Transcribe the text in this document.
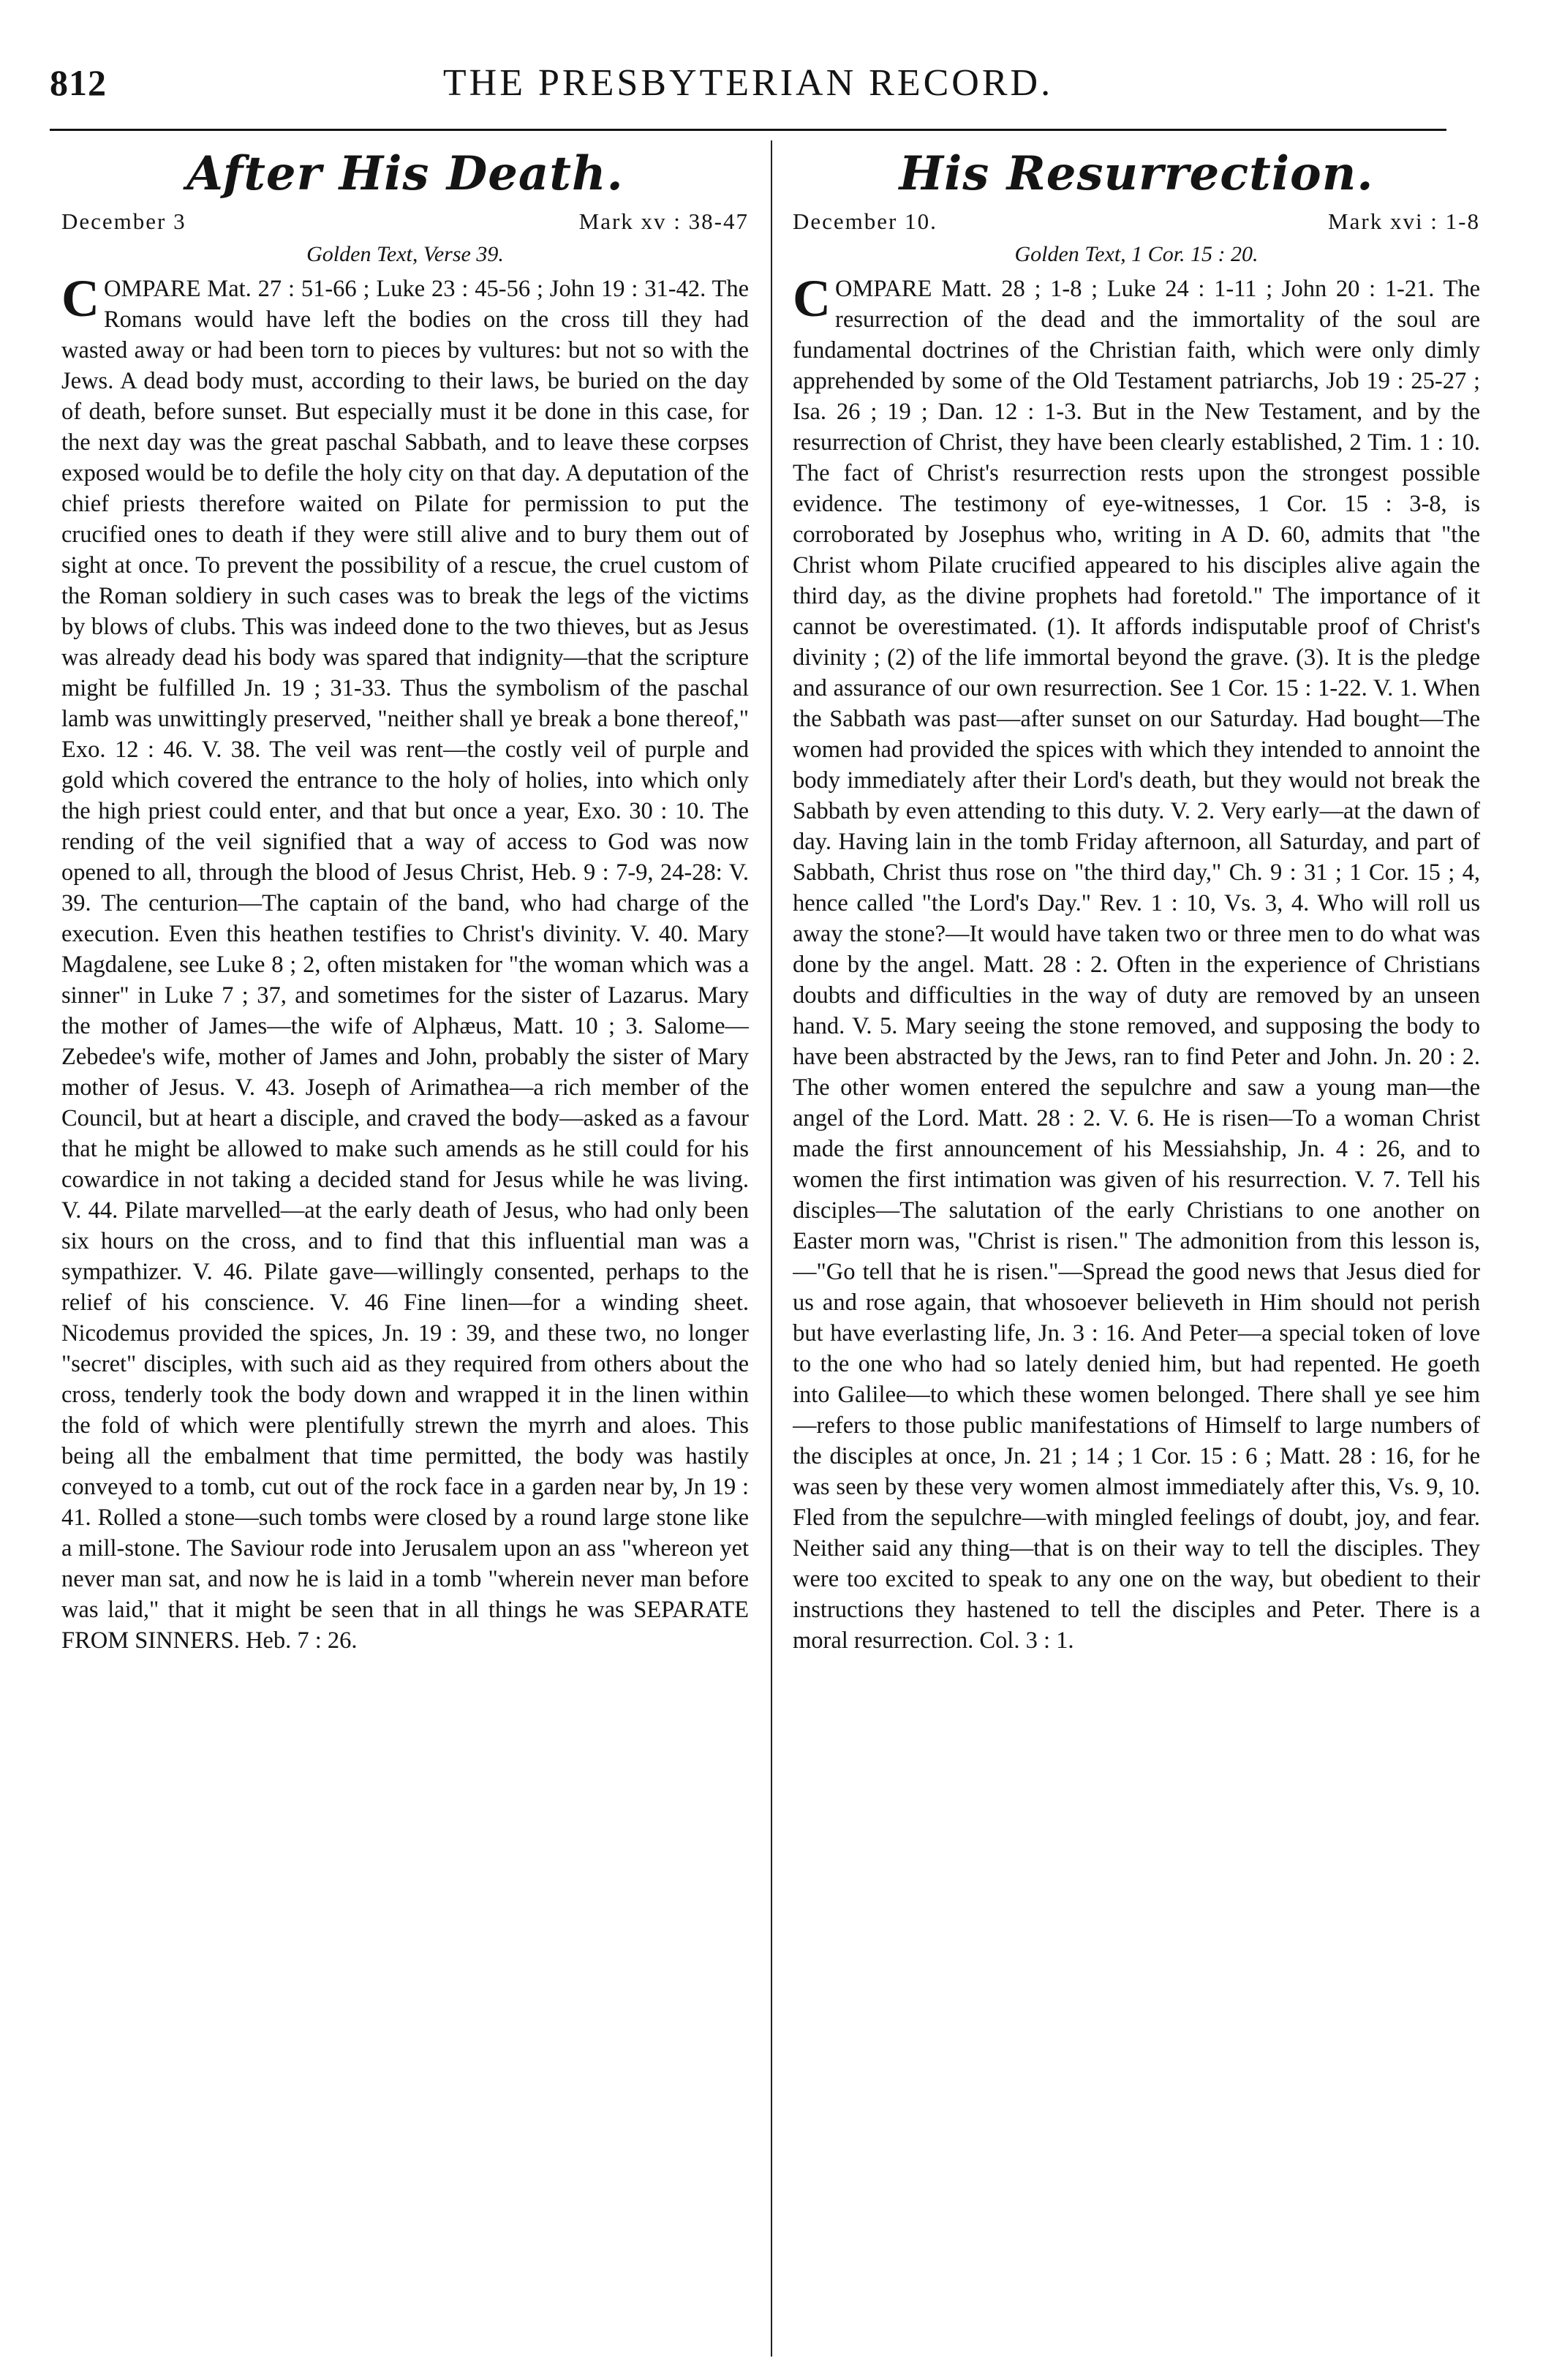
812	THE PRESBYTERIAN RECORD.
After His Death.
December 3	Mark xv : 38-47
Golden Text, Verse 39.

COMPARE Mat. 27 : 51-66 ; Luke 23 : 45-56 ; John 19 : 31-42. The Romans would have left the bodies on the cross till they had wasted away or had been torn to pieces by vultures: but not so with the Jews. A dead body must, according to their laws, be buried on the day of death, before sunset. But especially must it be done in this case, for the next day was the great paschal Sabbath, and to leave these corpses exposed would be to defile the holy city on that day. A deputation of the chief priests therefore waited on Pilate for permission to put the crucified ones to death if they were still alive and to bury them out of sight at once. To prevent the possibility of a rescue, the cruel custom of the Roman soldiery in such cases was to break the legs of the victims by blows of clubs. This was indeed done to the two thieves, but as Jesus was already dead his body was spared that indignity—that the scripture might be fulfilled Jn. 19 ; 31-33. Thus the symbolism of the paschal lamb was unwittingly preserved, "neither shall ye break a bone thereof," Exo. 12 : 46. V. 38. The veil was rent—the costly veil of purple and gold which covered the entrance to the holy of holies, into which only the high priest could enter, and that but once a year, Exo. 30 : 10. The rending of the veil signified that a way of access to God was now opened to all, through the blood of Jesus Christ, Heb. 9 : 7-9, 24-28: V. 39. The centurion—The captain of the band, who had charge of the execution. Even this heathen testifies to Christ's divinity. V. 40. Mary Magdalene, see Luke 8 ; 2, often mistaken for "the woman which was a sinner" in Luke 7 ; 37, and sometimes for the sister of Lazarus. Mary the mother of James—the wife of Alphæus, Matt. 10 ; 3. Salome—Zebedee's wife, mother of James and John, probably the sister of Mary mother of Jesus. V. 43. Joseph of Arimathea—a rich member of the Council, but at heart a disciple, and craved the body—asked as a favour that he might be allowed to make such amends as he still could for his cowardice in not taking a decided stand for Jesus while he was living. V. 44. Pilate marvelled—at the early death of Jesus, who had only been six hours on the cross, and to find that this influential man was a sympathizer. V. 46. Pilate gave—willingly consented, perhaps to the relief of his conscience. V. 46 Fine linen—for a winding sheet. Nicodemus provided the spices, Jn. 19 : 39, and these two, no longer "secret" disciples, with such aid as they required from others about the cross, tenderly took the body down and wrapped it in the linen within the fold of which were plentifully strewn the myrrh and aloes. This being all the embalment that time permitted, the body was hastily conveyed to a tomb, cut out of the rock face in a garden near by, Jn 19 : 41. Rolled a stone—such tombs were closed by a round large stone like a mill-stone. The Saviour rode into Jerusalem upon an ass "whereon yet never man sat, and now he is laid in a tomb "wherein never man before was laid," that it might be seen that in all things he was SEPARATE FROM SINNERS. Heb. 7 : 26.

His Resurrection.
December 10.	Mark xvi : 1-8
Golden Text, 1 Cor. 15 : 20.

COMPARE Matt. 28 ; 1-8 ; Luke 24 : 1-11 ; John 20 : 1-21. The resurrection of the dead and the immortality of the soul are fundamental doctrines of the Christian faith, which were only dimly apprehended by some of the Old Testament patriarchs, Job 19 : 25-27 ; Isa. 26 ; 19 ; Dan. 12 : 1-3. But in the New Testament, and by the resurrection of Christ, they have been clearly established, 2 Tim. 1 : 10. The fact of Christ's resurrection rests upon the strongest possible evidence. The testimony of eye-witnesses, 1 Cor. 15 : 3-8, is corroborated by Josephus who, writing in A D. 60, admits that "the Christ whom Pilate crucified appeared to his disciples alive again the third day, as the divine prophets had foretold." The importance of it cannot be overestimated. (1). It affords indisputable proof of Christ's divinity ; (2) of the life immortal beyond the grave. (3). It is the pledge and assurance of our own resurrection. See 1 Cor. 15 : 1-22. V. 1. When the Sabbath was past—after sunset on our Saturday. Had bought—The women had provided the spices with which they intended to annoint the body immediately after their Lord's death, but they would not break the Sabbath by even attending to this duty. V. 2. Very early—at the dawn of day. Having lain in the tomb Friday afternoon, all Saturday, and part of Sabbath, Christ thus rose on "the third day," Ch. 9 : 31 ; 1 Cor. 15 ; 4, hence called "the Lord's Day." Rev. 1 : 10, Vs. 3, 4. Who will roll us away the stone?—It would have taken two or three men to do what was done by the angel. Matt. 28 : 2. Often in the experience of Christians doubts and difficulties in the way of duty are removed by an unseen hand. V. 5. Mary seeing the stone removed, and supposing the body to have been abstracted by the Jews, ran to find Peter and John. Jn. 20 : 2. The other women entered the sepulchre and saw a young man—the angel of the Lord. Matt. 28 : 2. V. 6. He is risen—To a woman Christ made the first announcement of his Messiahship, Jn. 4 : 26, and to women the first intimation was given of his resurrection. V. 7. Tell his disciples—The salutation of the early Christians to one another on Easter morn was, "Christ is risen." The admonition from this lesson is,—"Go tell that he is risen."—Spread the good news that Jesus died for us and rose again, that whosoever believeth in Him should not perish but have everlasting life, Jn. 3 : 16. And Peter—a special token of love to the one who had so lately denied him, but had repented. He goeth into Galilee—to which these women belonged. There shall ye see him—refers to those public manifestations of Himself to large numbers of the disciples at once, Jn. 21 ; 14 ; 1 Cor. 15 : 6 ; Matt. 28 : 16, for he was seen by these very women almost immediately after this, Vs. 9, 10. Fled from the sepulchre—with mingled feelings of doubt, joy, and fear. Neither said any thing—that is on their way to tell the disciples. They were too excited to speak to any one on the way, but obedient to their instructions they hastened to tell the disciples and Peter. There is a moral resurrection. Col. 3 : 1.
